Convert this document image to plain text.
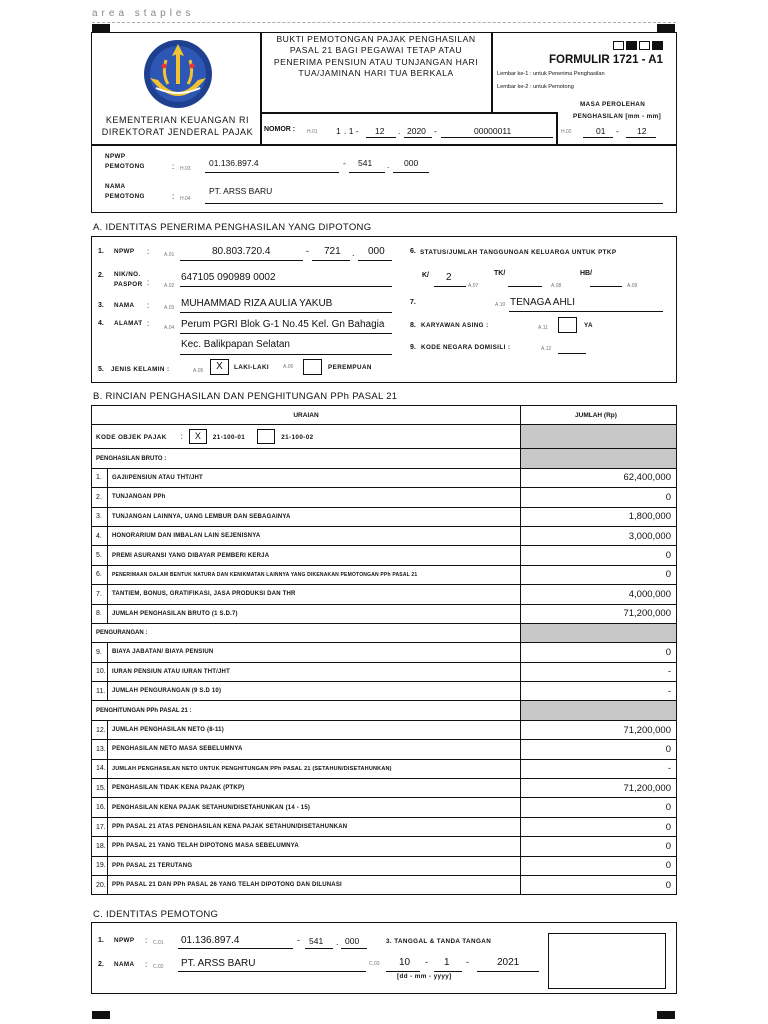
area staples
KEMENTERIAN KEUANGAN RI
DIREKTORAT JENDERAL PAJAK
BUKTI PEMOTONGAN PAJAK PENGHASILAN
PASAL 21 BAGI PEGAWAI TETAP ATAU
PENERIMA PENSIUN ATAU TUNJANGAN HARI
TUA/JAMINAN HARI TUA BERKALA
FORMULIR 1721 - A1
Lembar ke-1 : untuk Penerima Penghasilan
Lembar ke-2 : untuk Pemotong
MASA PEROLEHAN
PENGHASILAN [mm - mm]
H.02	01 - 12
NOMOR : H.01 1 . 1 - 12 . 2020 -	00000011
NPWP
PEMOTONG	: H.03
01.136.897.4	- 541 . 000
NAMA
PEMOTONG	: H.04
PT. ARSS BARU
A. IDENTITAS PENERIMA PENGHASILAN YANG DIPOTONG
1. NPWP :	A.01	80.803.720.4	- 721 . 000
2. NIK/NO.
PASPOR :	A.02
647105 090989 0002
3. NAMA :	A.03 MUHAMMAD RIZA AULIA YAKUB
4. ALAMAT :	A.04 Perum PGRI Blok G-1 No.45 Kel. Gn Bahagia
Kec. Balikpapan Selatan
5. JENIS KELAMIN :	A.05	X	LAKI-LAKI	A.06	PEREMPUAN
6. STATUS/JUMLAH TANGGUNGAN KELUARGA UNTUK PTKP
K/ 2
A.07
TK/
A.08
HB/
A.09
7.	A.10 TENAGA AHLI
8. KARYAWAN ASING :	A.11	YA
9. KODE NEGARA DOMISILI :	A.12
B. RINCIAN PENGHASILAN DAN PENGHITUNGAN PPh PASAL 21
URAIAN		JUMLAH (Rp)
KODE OBJEK PAJAK : X 21-100-01 21-100-02		
PENGHASILAN BRUTO :		
1.	GAJI/PENSIUN ATAU THT/JHT	62,400,000
2.	TUNJANGAN PPh	0
3.	TUNJANGAN LAINNYA, UANG LEMBUR DAN SEBAGAINYA	1,800,000
4.	HONORARIUM DAN IMBALAN LAIN SEJENISNYA	3,000,000
5.	PREMI ASURANSI YANG DIBAYAR PEMBERI KERJA	0
6.	PENERIMAAN DALAM BENTUK NATURA DAN KENIKMATAN LAINNYA YANG DIKENAKAN PEMOTONGAN PPh PASAL 21	0
7.	TANTIEM, BONUS, GRATIFIKASI, JASA PRODUKSI DAN THR	4,000,000
8.	JUMLAH PENGHASILAN BRUTO (1 S.D.7)	71,200,000
PENGURANGAN :		
9.	BIAYA JABATAN/ BIAYA PENSIUN	0
10.	IURAN PENSIUN ATAU IURAN THT/JHT	-
11.	JUMLAH PENGURANGAN (9 S.D 10)	-
PENGHITUNGAN PPh PASAL 21 :		
12.	JUMLAH PENGHASILAN NETO (8-11)	71,200,000
13.	PENGHASILAN NETO MASA SEBELUMNYA	0
14.	JUMLAH PENGHASILAN NETO UNTUK PENGHITUNGAN PPh PASAL 21 (SETAHUN/DISETAHUNKAN)	-
15.	PENGHASILAN TIDAK KENA PAJAK (PTKP)	71,200,000
16.	PENGHASILAN KENA PAJAK SETAHUN/DISETAHUNKAN (14 - 15)	0
17.	PPh PASAL 21 ATAS PENGHASILAN KENA PAJAK SETAHUN/DISETAHUNKAN	0
18.	PPh PASAL 21 YANG TELAH DIPOTONG MASA SEBELUMNYA	0
19.	PPh PASAL 21 TERUTANG	0
20.	PPh PASAL 21 DAN PPh PASAL 26 YANG TELAH DIPOTONG DAN DILUNASI	0
C. IDENTITAS PEMOTONG
1. NPWP : C.01 01.136.897.4	- 541 . 000	3. TANGGAL & TANDA TANGAN
2. NAMA : C.02 PT. ARSS BARU	C.03 10 - 1 -	2021
[dd - mm - yyyy]
